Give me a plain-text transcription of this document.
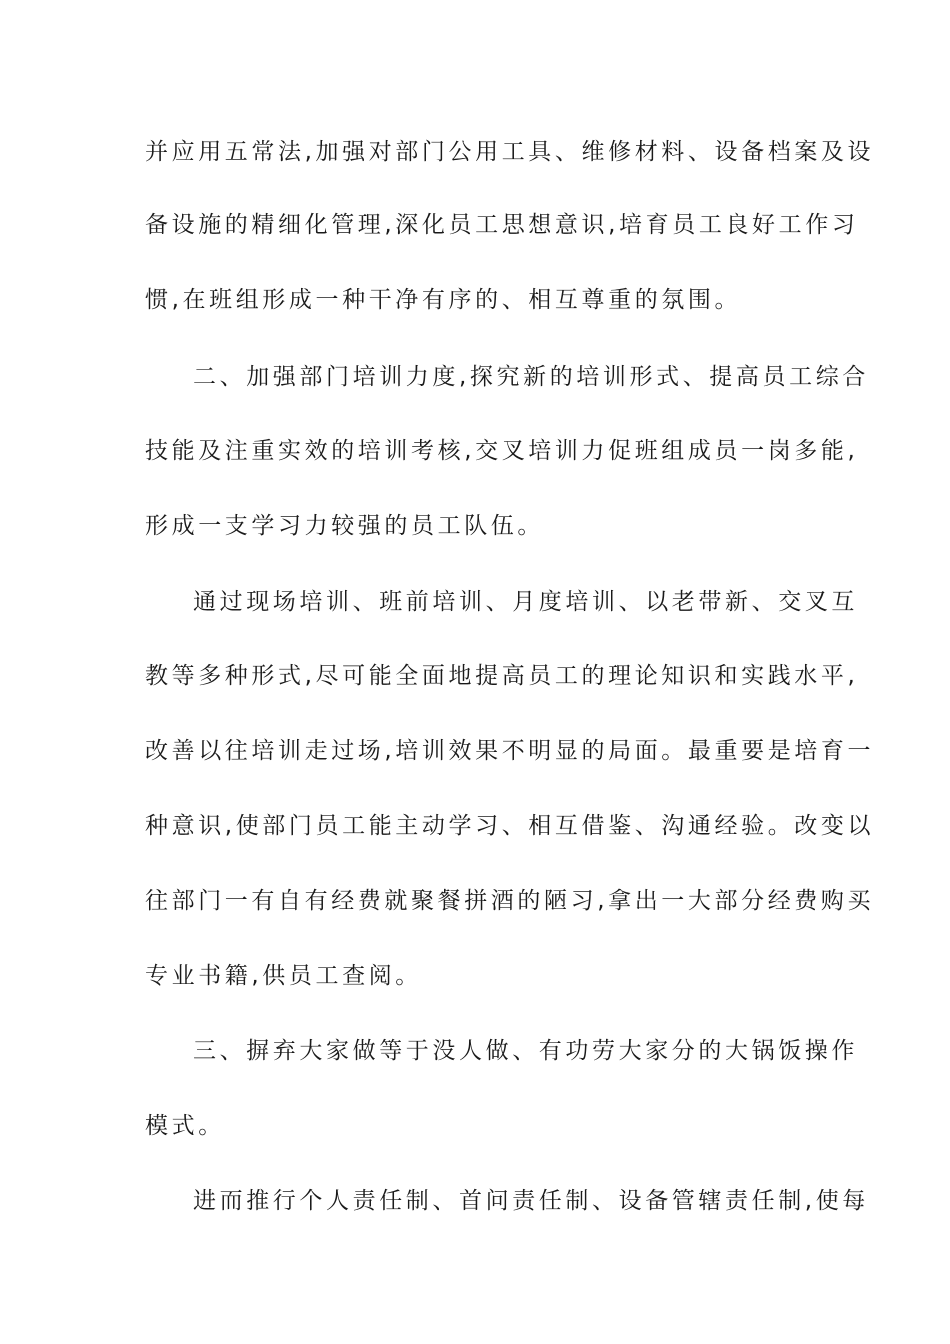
并应用五常法,加强对部门公用工具、维修材料、设备档案及设
备设施的精细化管理,深化员工思想意识,培育员工良好工作习
惯,在班组形成一种干净有序的、相互尊重的氛围。
二、加强部门培训力度,探究新的培训形式、提高员工综合
技能及注重实效的培训考核,交叉培训力促班组成员一岗多能,
形成一支学习力较强的员工队伍。
通过现场培训、班前培训、月度培训、以老带新、交叉互
教等多种形式,尽可能全面地提高员工的理论知识和实践水平,
改善以往培训走过场,培训效果不明显的局面。最重要是培育一
种意识,使部门员工能主动学习、相互借鉴、沟通经验。改变以
往部门一有自有经费就聚餐拼酒的陋习,拿出一大部分经费购买
专业书籍,供员工查阅。
三、摒弃大家做等于没人做、有功劳大家分的大锅饭操作
模式。
进而推行个人责任制、首问责任制、设备管辖责任制,使每
